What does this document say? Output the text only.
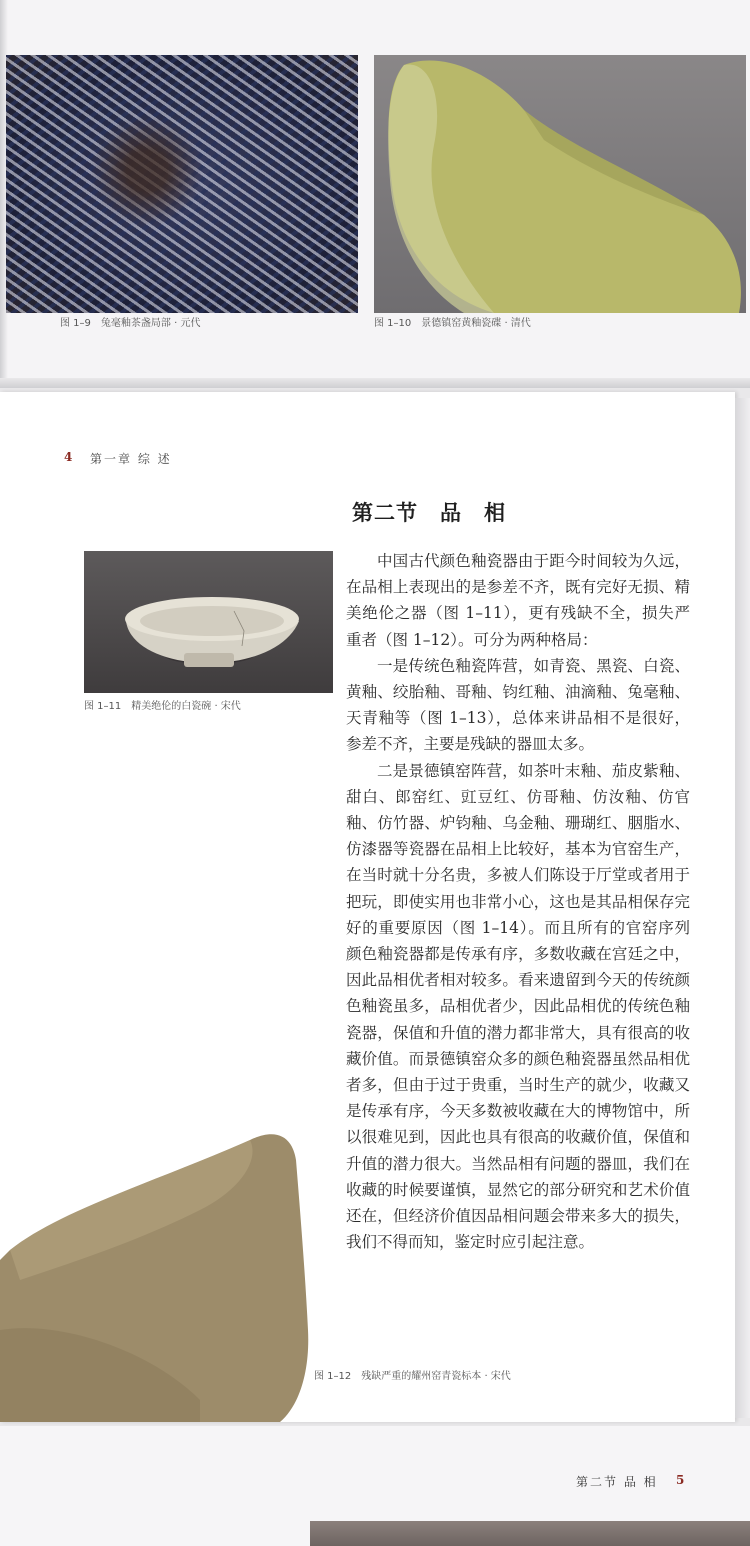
图 1–9　兔毫釉茶盏局部 · 元代	图 1–10　景德镇窑黄釉瓷碟 · 清代
4 第一章 综 述
第二节　品　相
图 1–11　精美绝伦的白瓷碗 · 宋代

中国古代颜色釉瓷器由于距今时间较为久远，在品相上表现出的是参差不齐，既有完好无损、精美绝伦之器（图 1–11），更有残缺不全，损失严重者（图 1–12）。可分为两种格局：

一是传统色釉瓷阵营，如青瓷、黑瓷、白瓷、黄釉、绞胎釉、哥釉、钧红釉、油滴釉、兔毫釉、天青釉等（图 1–13），总体来讲品相不是很好，参差不齐，主要是残缺的器皿太多。

二是景德镇窑阵营，如茶叶末釉、茄皮紫釉、甜白、郎窑红、豇豆红、仿哥釉、仿汝釉、仿官釉、仿竹器、炉钧釉、乌金釉、珊瑚红、胭脂水、仿漆器等瓷器在品相上比较好，基本为官窑生产，在当时就十分名贵，多被人们陈设于厅堂或者用于把玩，即使实用也非常小心，这也是其品相保存完好的重要原因（图 1–14）。而且所有的官窑序列颜色釉瓷器都是传承有序，多数收藏在宫廷之中，因此品相优者相对较多。看来遗留到今天的传统颜色釉瓷虽多，品相优者少，因此品相优的传统色釉瓷器，保值和升值的潜力都非常大，具有很高的收藏价值。而景德镇窑众多的颜色釉瓷器虽然品相优者多，但由于过于贵重，当时生产的就少，收藏又是传承有序，今天多数被收藏在大的博物馆中，所以很难见到，因此也具有很高的收藏价值，保值和升值的潜力很大。当然品相有问题的器皿，我们在收藏的时候要谨慎，显然它的部分研究和艺术价值还在，但经济价值因品相问题会带来多大的损失，我们不得而知，鉴定时应引起注意。

图 1–12　残缺严重的耀州窑青瓷标本 · 宋代
第二节 品 相 5
